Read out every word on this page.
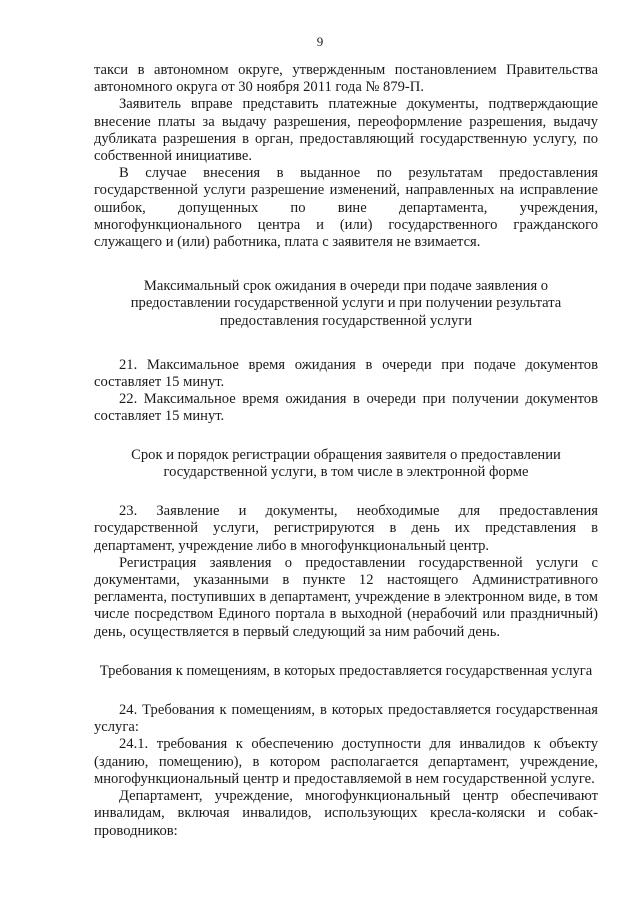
9

такси в автономном округе, утвержденным постановлением Правительства автономного округа от 30 ноября 2011 года № 879-П.

Заявитель вправе представить платежные документы, подтверждающие внесение платы за выдачу разрешения, переоформление разрешения, выдачу дубликата разрешения в орган, предоставляющий государственную услугу, по собственной инициативе.

В случае внесения в выданное по результатам предоставления государственной услуги разрешение изменений, направленных на исправление ошибок, допущенных по вине департамента, учреждения, многофункционального центра и (или) государственного гражданского служащего и (или) работника, плата с заявителя не взимается.

Максимальный срок ожидания в очереди при подаче заявления о предоставлении государственной услуги и при получении результата предоставления государственной услуги

21. Максимальное время ожидания в очереди при подаче документов составляет 15 минут.

22. Максимальное время ожидания в очереди при получении документов составляет 15 минут.

Срок и порядок регистрации обращения заявителя о предоставлении государственной услуги, в том числе в электронной форме

23. Заявление и документы, необходимые для предоставления государственной услуги, регистрируются в день их представления в департамент, учреждение либо в многофункциональный центр.

Регистрация заявления о предоставлении государственной услуги с документами, указанными в пункте 12 настоящего Административного регламента, поступивших в департамент, учреждение в электронном виде, в том числе посредством Единого портала в выходной (нерабочий или праздничный) день, осуществляется в первый следующий за ним рабочий день.

Требования к помещениям, в которых предоставляется государственная услуга

24. Требования к помещениям, в которых предоставляется государственная услуга:

24.1. требования к обеспечению доступности для инвалидов к объекту (зданию, помещению), в котором располагается департамент, учреждение, многофункциональный центр и предоставляемой в нем государственной услуге.

Департамент, учреждение, многофункциональный центр обеспечивают инвалидам, включая инвалидов, использующих кресла-коляски и собак-проводников:
